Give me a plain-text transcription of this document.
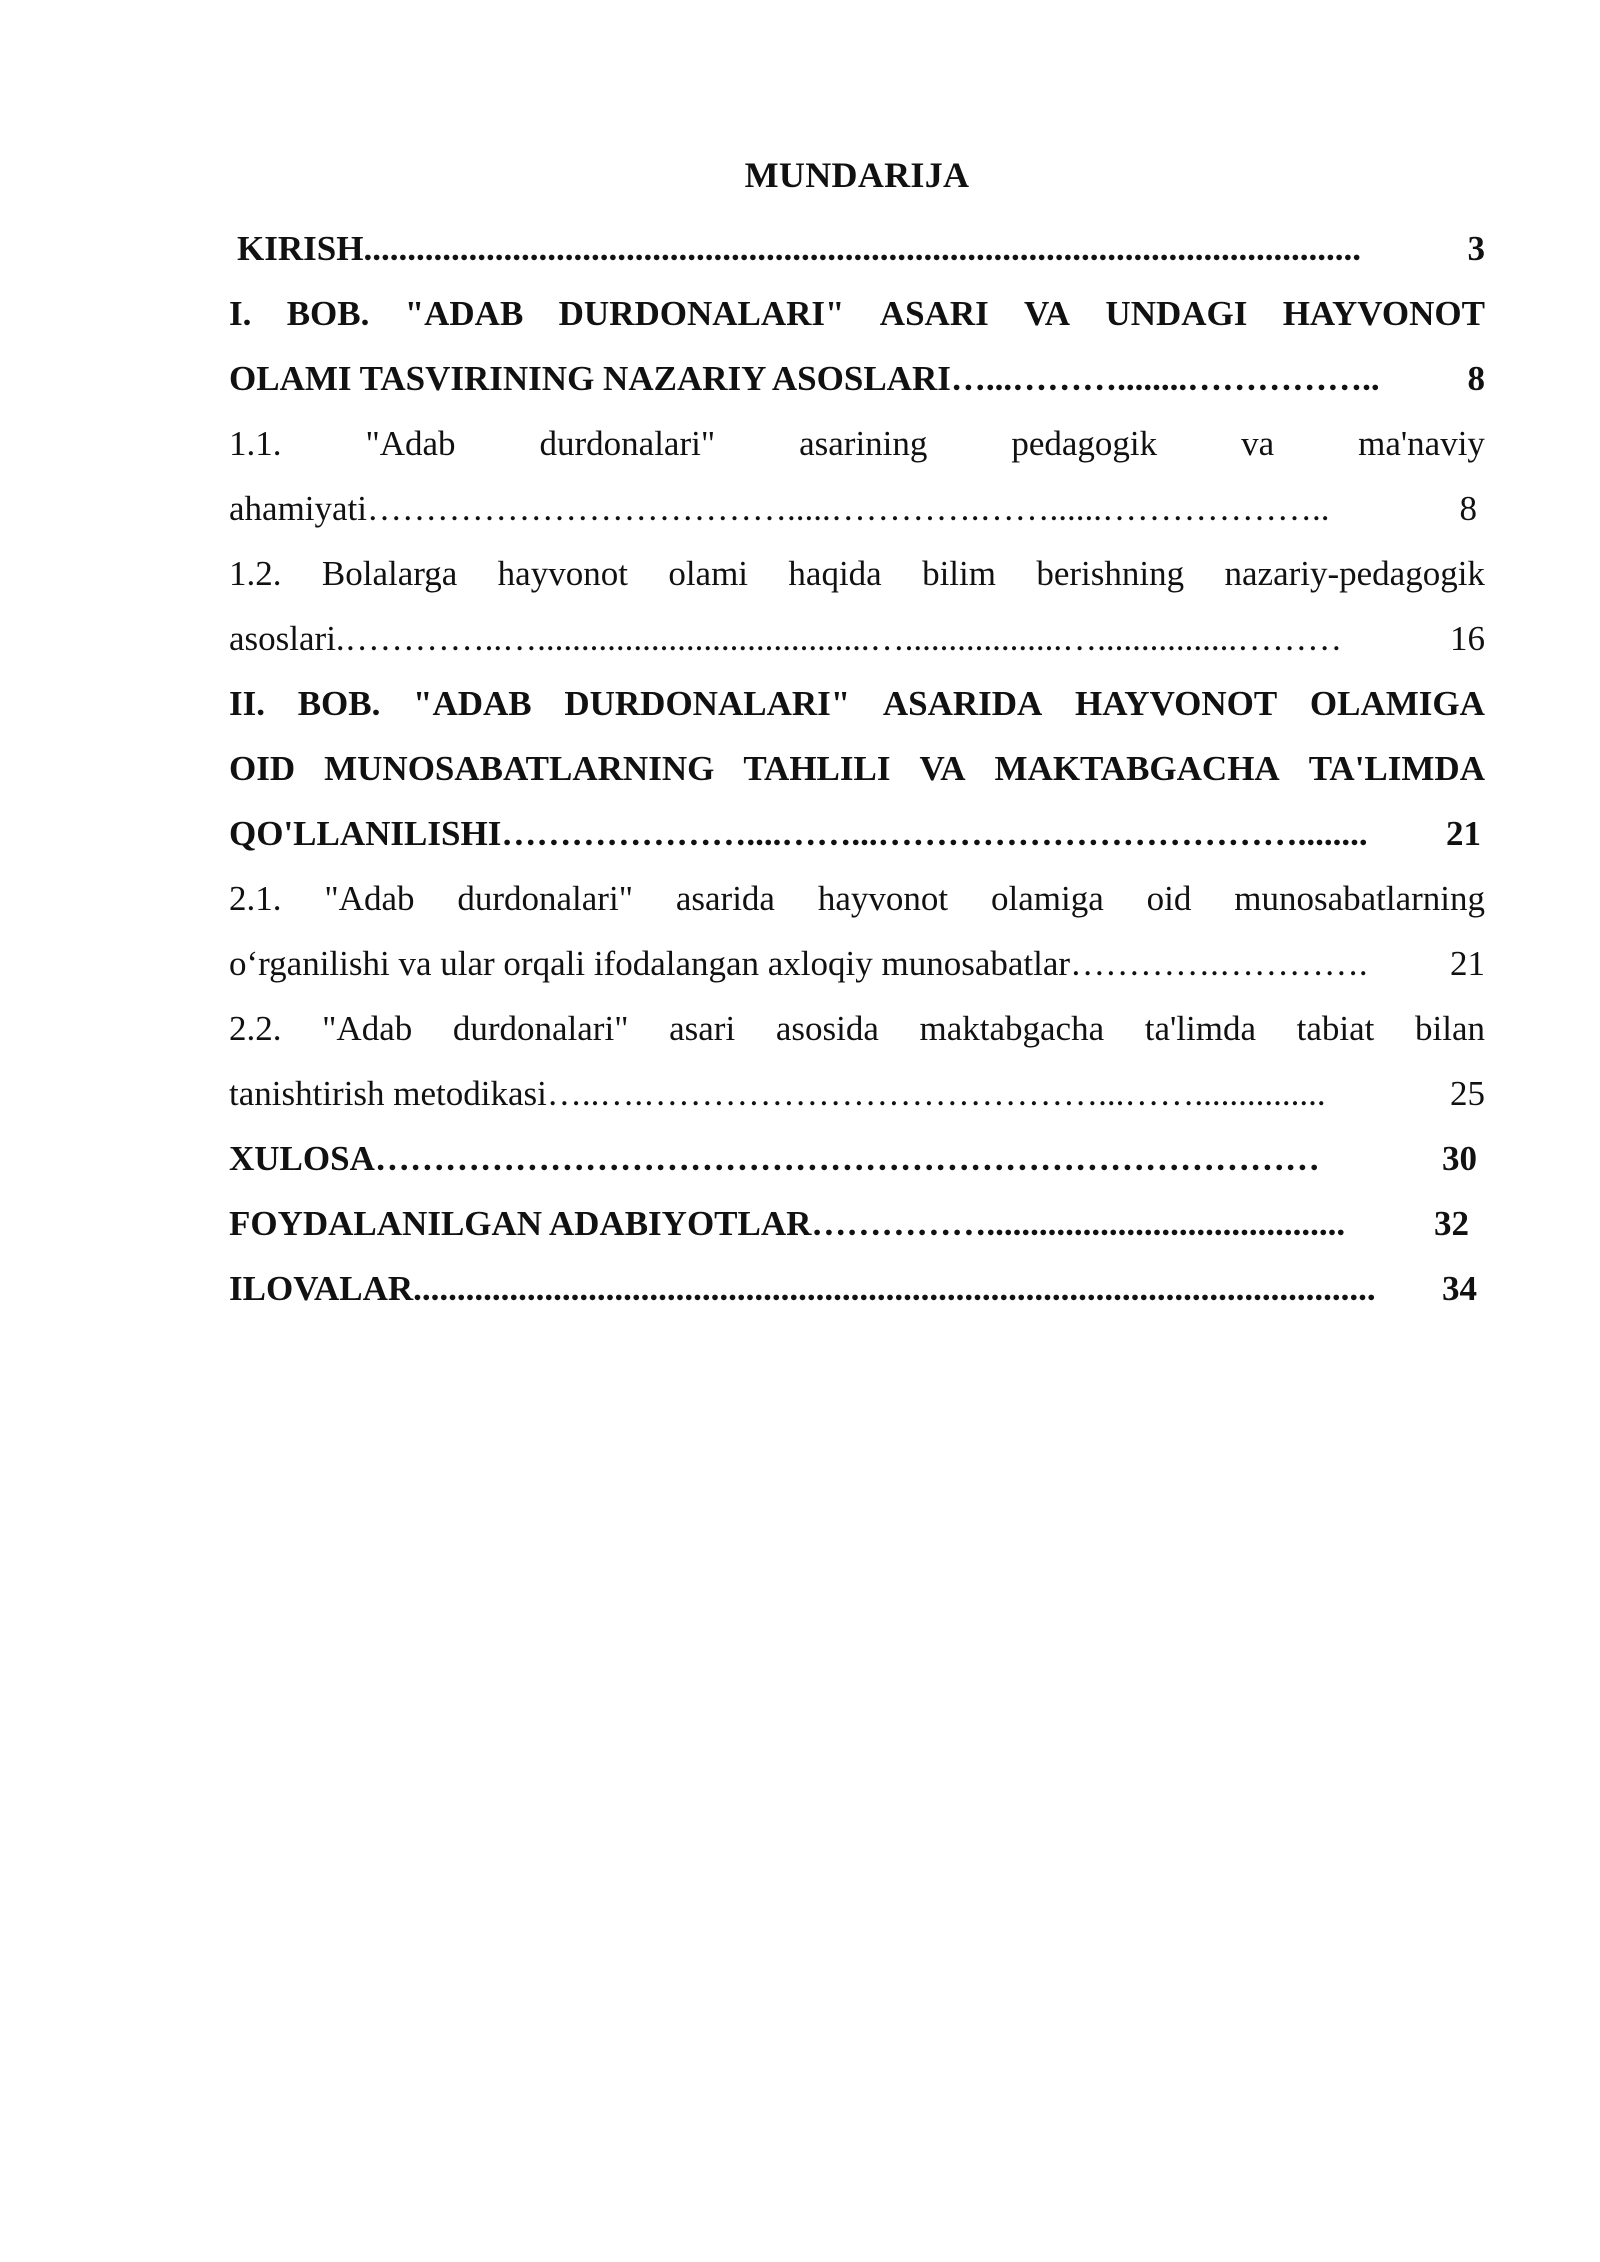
MUNDARIJA
KIRISH ..................................................................................................................	3
I. BOB. "ADAB DURDONALARI" ASARI VA UNDAGI HAYVONOT
OLAMI TASVIRINING NAZARIY ASOSLARI …...………........……………..	8
1.1. "Adab durdonalari" asarining pedagogik va ma'naviy
ahamiyati ……………………………….....………….……......………………..	8
1.2. Bolalarga hayvonot olami haqida bilim berishning nazariy-pedagogik
asoslari .…………..…......................................…..................…................………	16
II. BOB. "ADAB DURDONALARI" ASARIDA HAYVONOT OLAMIGA
OID MUNOSABATLARNING TAHLILI VA MAKTABGACHA TA'LIMDA
QO'LLANILISHI …………………....……...………………………………........	21
2.1. "Adab durdonalari" asarida hayvonot olamiga oid munosabatlarning
o‘rganilishi va ular orqali ifodalangan axloqiy munosabatlar ………….………….	21
2.2. "Adab durdonalari" asari asosida maktabgacha ta'limda tabiat bilan
tanishtirish metodikasi …..….…………………………………...……...............	25
XULOSA ………………………………………………………………………	30
FOYDALANILGAN ADABIYOTLAR …………….........................................	32
ILOVALAR ..............................................................................................................	34
